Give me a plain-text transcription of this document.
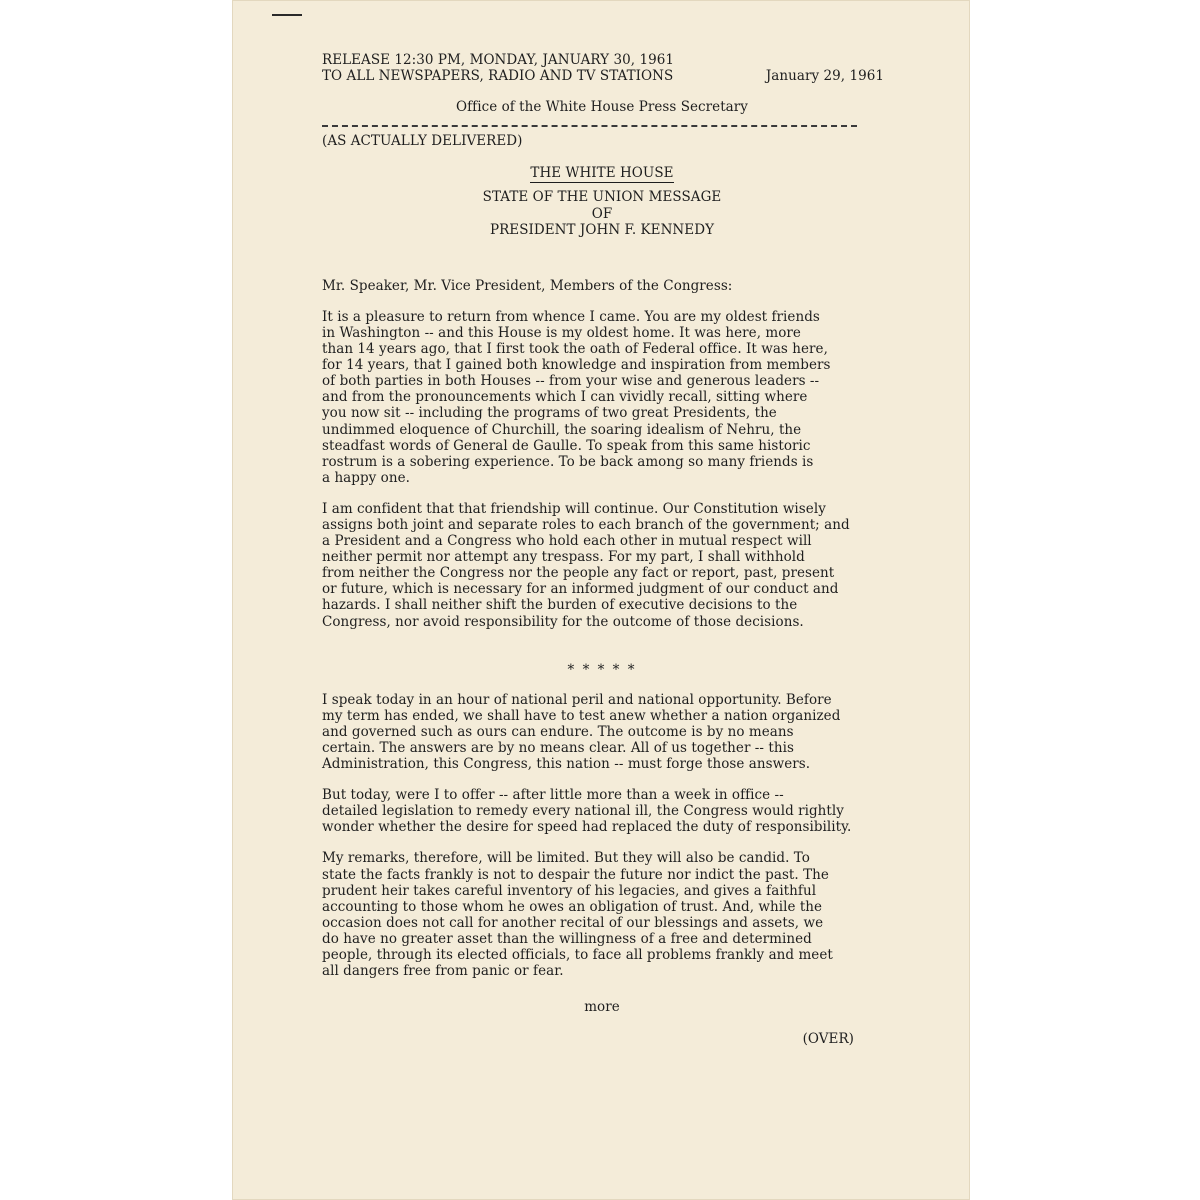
RELEASE 12:30 PM, MONDAY, JANUARY 30, 1961
TO ALL NEWSPAPERS, RADIO AND TV STATIONS	January 29, 1961
Office of the White House Press Secretary
(AS ACTUALLY DELIVERED)
THE WHITE HOUSE
STATE OF THE UNION MESSAGE
OF
PRESIDENT JOHN F. KENNEDY
Mr. Speaker, Mr. Vice President, Members of the Congress:
It is a pleasure to return from whence I came. You are my oldest friends
in Washington -- and this House is my oldest home. It was here, more
than 14 years ago, that I first took the oath of Federal office. It was here,
for 14 years, that I gained both knowledge and inspiration from members
of both parties in both Houses -- from your wise and generous leaders --
and from the pronouncements which I can vividly recall, sitting where
you now sit -- including the programs of two great Presidents, the
undimmed eloquence of Churchill, the soaring idealism of Nehru, the
steadfast words of General de Gaulle. To speak from this same historic
rostrum is a sobering experience. To be back among so many friends is
a happy one.
I am confident that that friendship will continue. Our Constitution wisely
assigns both joint and separate roles to each branch of the government; and
a President and a Congress who hold each other in mutual respect will
neither permit nor attempt any trespass. For my part, I shall withhold
from neither the Congress nor the people any fact or report, past, present
or future, which is necessary for an informed judgment of our conduct and
hazards. I shall neither shift the burden of executive decisions to the
Congress, nor avoid responsibility for the outcome of those decisions.
* * * * *
I speak today in an hour of national peril and national opportunity. Before
my term has ended, we shall have to test anew whether a nation organized
and governed such as ours can endure. The outcome is by no means
certain. The answers are by no means clear. All of us together -- this
Administration, this Congress, this nation -- must forge those answers.
But today, were I to offer -- after little more than a week in office --
detailed legislation to remedy every national ill, the Congress would rightly
wonder whether the desire for speed had replaced the duty of responsibility.
My remarks, therefore, will be limited. But they will also be candid. To
state the facts frankly is not to despair the future nor indict the past. The
prudent heir takes careful inventory of his legacies, and gives a faithful
accounting to those whom he owes an obligation of trust. And, while the
occasion does not call for another recital of our blessings and assets, we
do have no greater asset than the willingness of a free and determined
people, through its elected officials, to face all problems frankly and meet
all dangers free from panic or fear.
more
(OVER)
